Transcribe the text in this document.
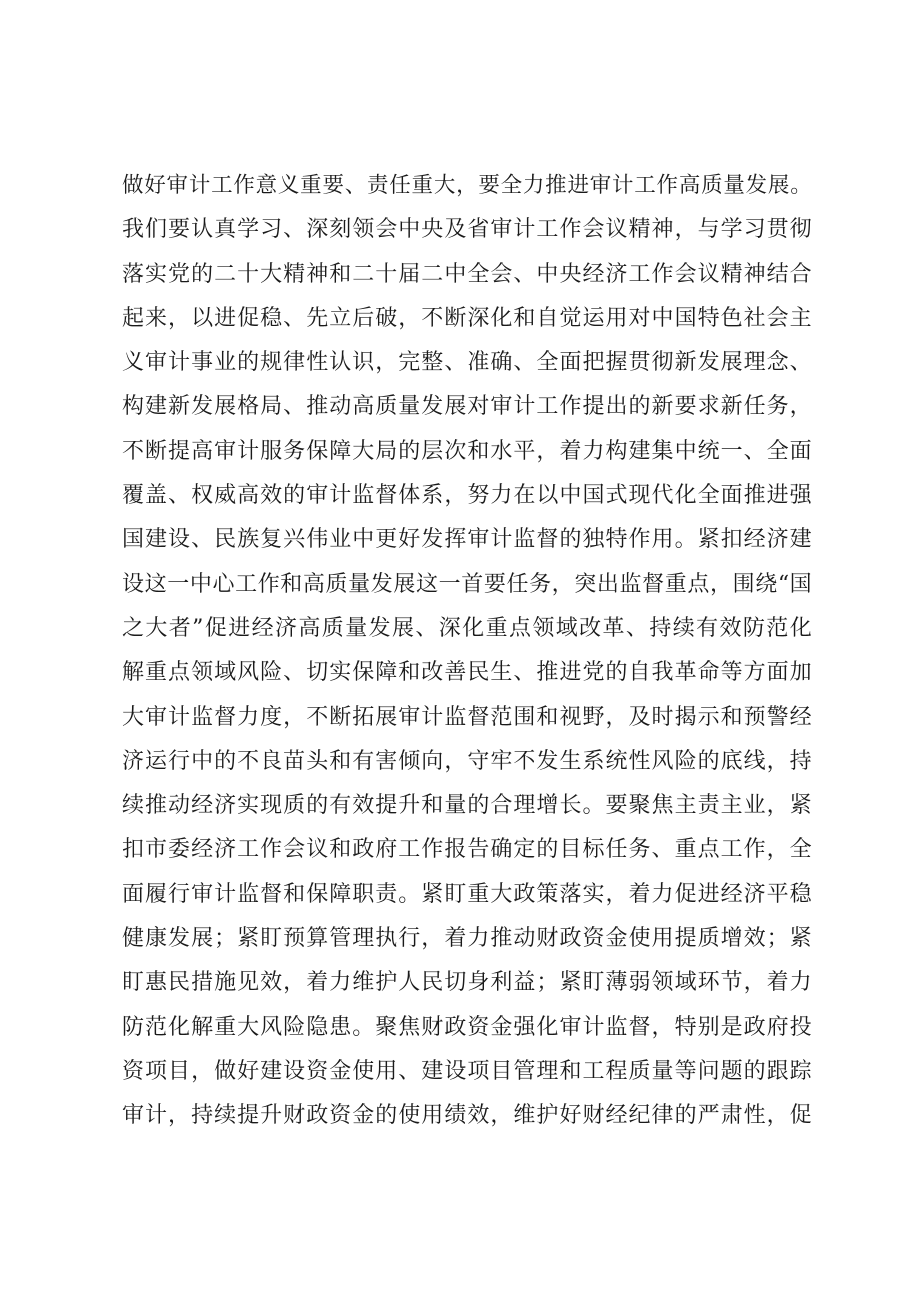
做好审计工作意义重要、责任重大，要全力推进审计工作高质量发展。
我们要认真学习、深刻领会中央及省审计工作会议精神，与学习贯彻
落实党的二十大精神和二十届二中全会、中央经济工作会议精神结合
起来，以进促稳、先立后破，不断深化和自觉运用对中国特色社会主
义审计事业的规律性认识，完整、准确、全面把握贯彻新发展理念、
构建新发展格局、推动高质量发展对审计工作提出的新要求新任务，
不断提高审计服务保障大局的层次和水平，着力构建集中统一、全面
覆盖、权威高效的审计监督体系，努力在以中国式现代化全面推进强
国建设、民族复兴伟业中更好发挥审计监督的独特作用。紧扣经济建
设这一中心工作和高质量发展这一首要任务，突出监督重点，围绕“国
之大者”促进经济高质量发展、深化重点领域改革、持续有效防范化
解重点领域风险、切实保障和改善民生、推进党的自我革命等方面加
大审计监督力度，不断拓展审计监督范围和视野，及时揭示和预警经
济运行中的不良苗头和有害倾向，守牢不发生系统性风险的底线，持
续推动经济实现质的有效提升和量的合理增长。要聚焦主责主业，紧
扣市委经济工作会议和政府工作报告确定的目标任务、重点工作，全
面履行审计监督和保障职责。紧盯重大政策落实，着力促进经济平稳
健康发展；紧盯预算管理执行，着力推动财政资金使用提质增效；紧
盯惠民措施见效，着力维护人民切身利益；紧盯薄弱领域环节，着力
防范化解重大风险隐患。聚焦财政资金强化审计监督，特别是政府投
资项目，做好建设资金使用、建设项目管理和工程质量等问题的跟踪
审计，持续提升财政资金的使用绩效，维护好财经纪律的严肃性，促
